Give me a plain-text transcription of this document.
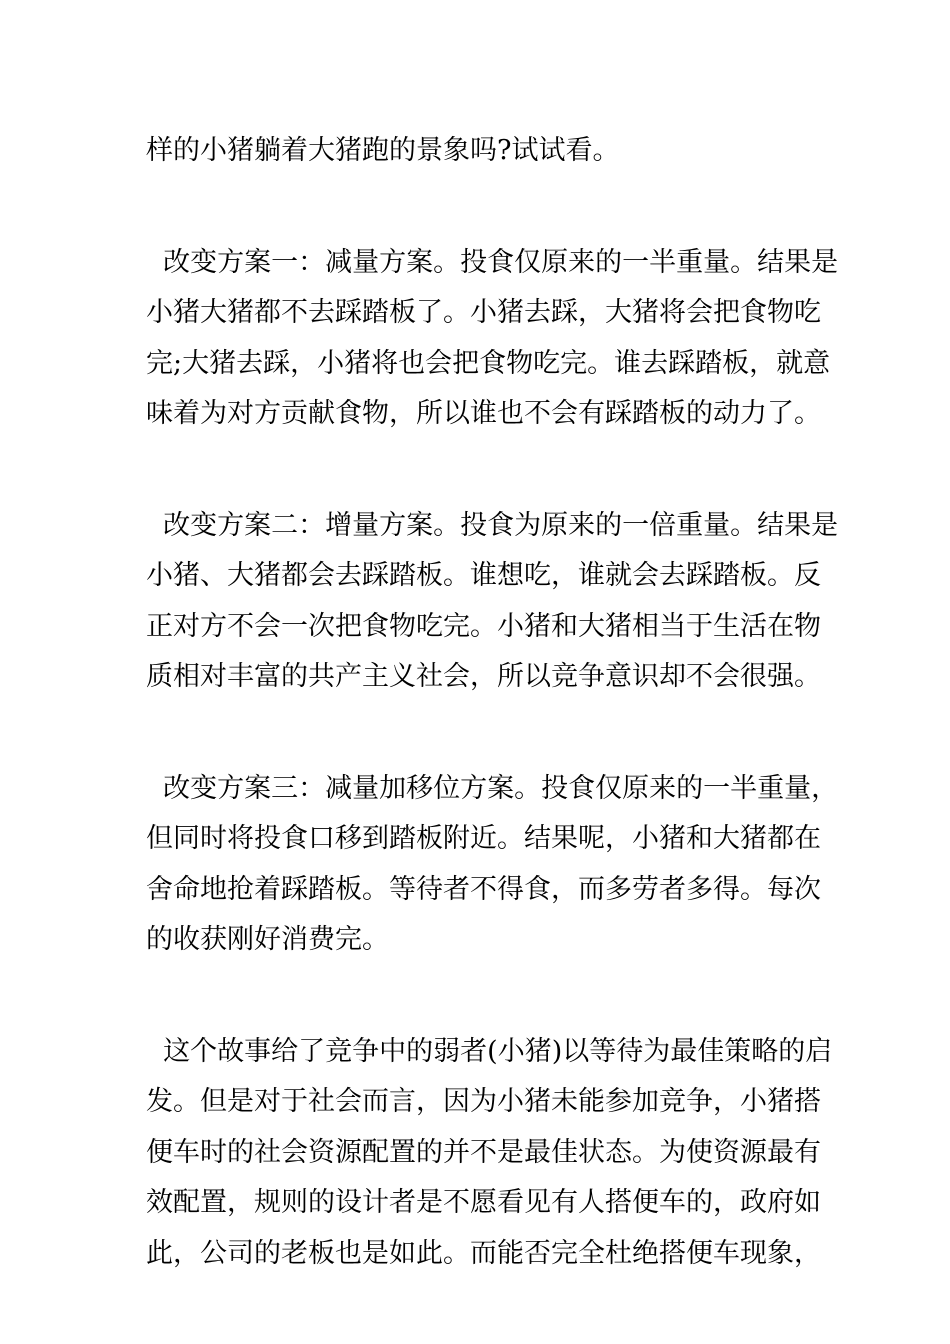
样的小猪躺着大猪跑的景象吗?试试看。
改变方案一：减量方案。投食仅原来的一半重量。结果是
小猪大猪都不去踩踏板了。小猪去踩，大猪将会把食物吃
完;大猪去踩，小猪将也会把食物吃完。谁去踩踏板，就意
味着为对方贡献食物，所以谁也不会有踩踏板的动力了。
改变方案二：增量方案。投食为原来的一倍重量。结果是
小猪、大猪都会去踩踏板。谁想吃，谁就会去踩踏板。反
正对方不会一次把食物吃完。小猪和大猪相当于生活在物
质相对丰富的共产主义社会，所以竞争意识却不会很强。
改变方案三：减量加移位方案。投食仅原来的一半重量，
但同时将投食口移到踏板附近。结果呢，小猪和大猪都在
舍命地抢着踩踏板。等待者不得食，而多劳者多得。每次
的收获刚好消费完。
这个故事给了竞争中的弱者(小猪)以等待为最佳策略的启
发。但是对于社会而言，因为小猪未能参加竞争，小猪搭
便车时的社会资源配置的并不是最佳状态。为使资源最有
效配置，规则的设计者是不愿看见有人搭便车的，政府如
此，公司的老板也是如此。而能否完全杜绝搭便车现象，
